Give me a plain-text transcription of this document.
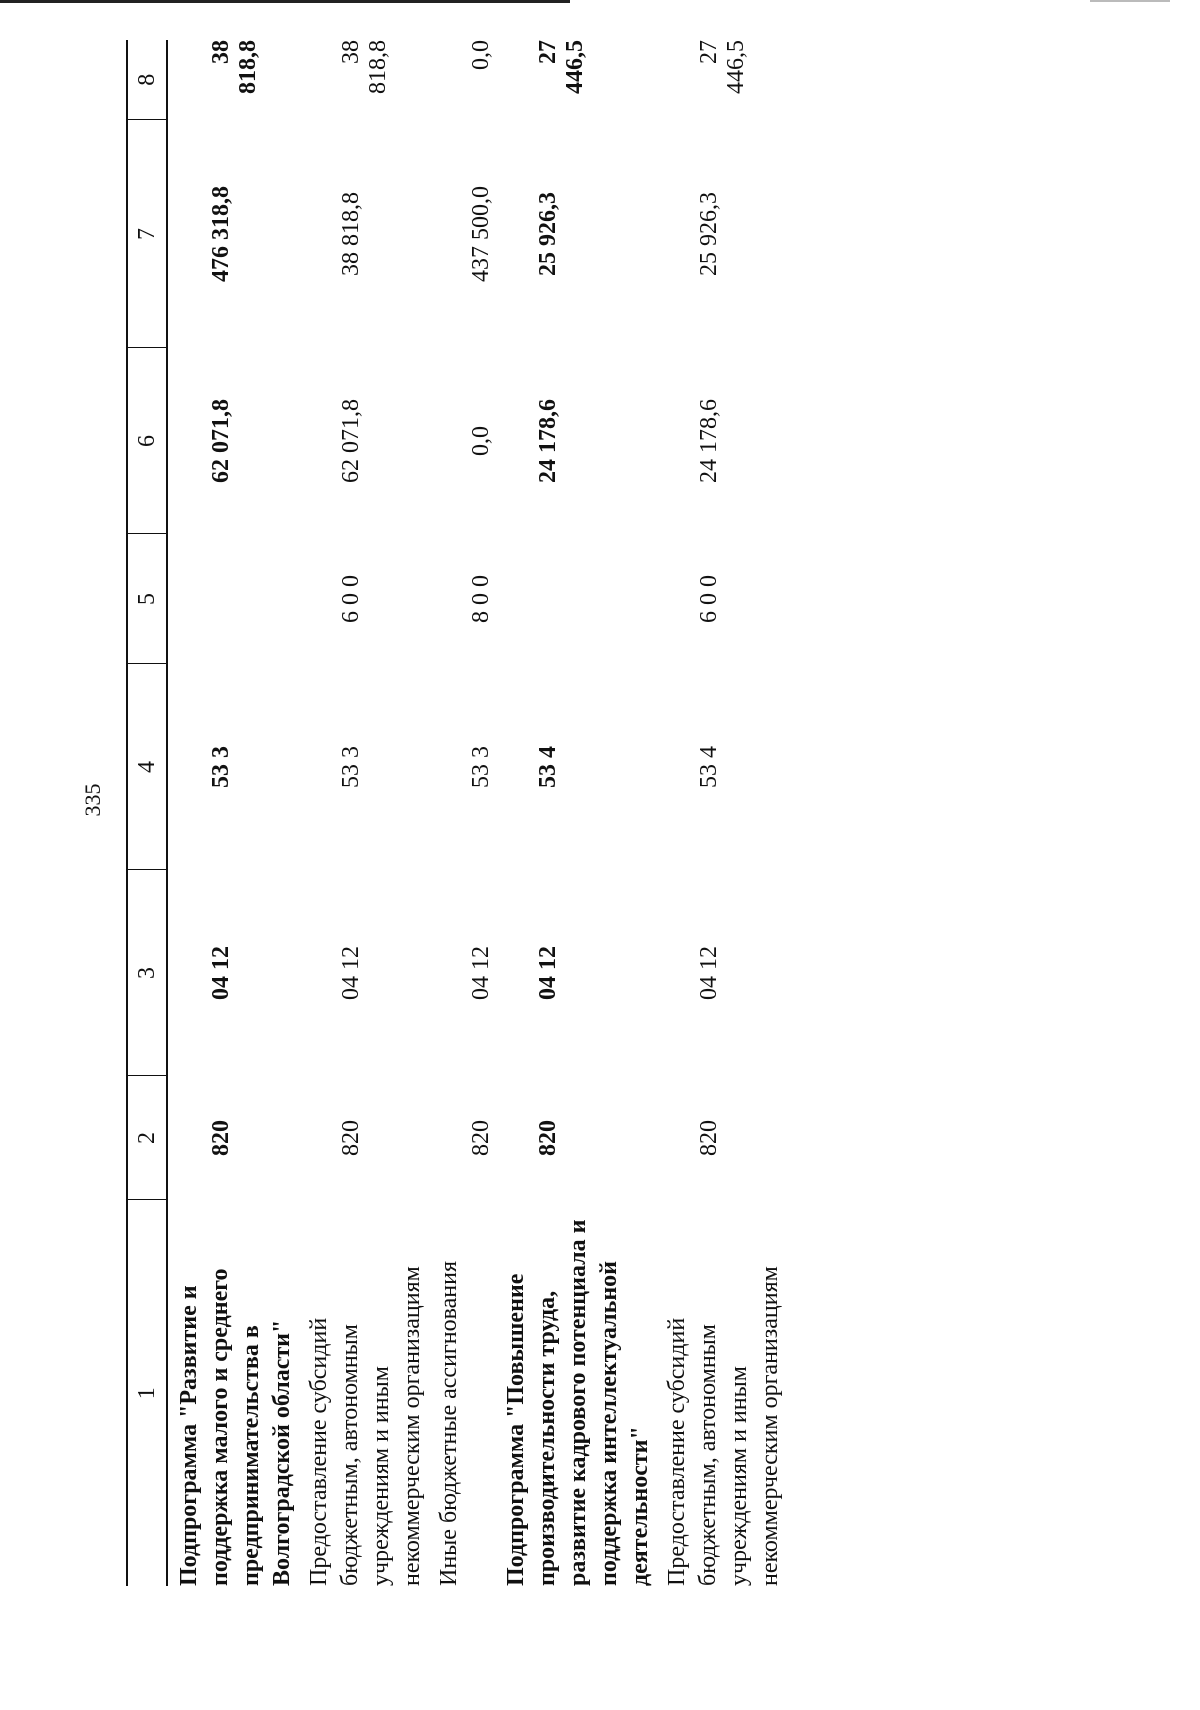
335
1	2	3	4	5	6	7	8
Подпрограмма "Развитие и поддержка малого и среднего предпринимательства в Волгоградской области"	820	04 12	53 3		62 071,8	476 318,8	38 818,8
Предоставление субсидий бюджетным, автономным учреждениям и иным некоммерческим организациям	820	04 12	53 3	6 0 0	62 071,8	38 818,8	38 818,8
Иные бюджетные ассигнования	820	04 12	53 3	8 0 0	0,0	437 500,0	0,0
Подпрограмма "Повышение производительности труда, развитие кадрового потенциала и поддержка интеллектуальной деятельности"	820	04 12	53 4		24 178,6	25 926,3	27 446,5
Предоставление субсидий бюджетным, автономным учреждениям и иным некоммерческим организациям	820	04 12	53 4	6 0 0	24 178,6	25 926,3	27 446,5
